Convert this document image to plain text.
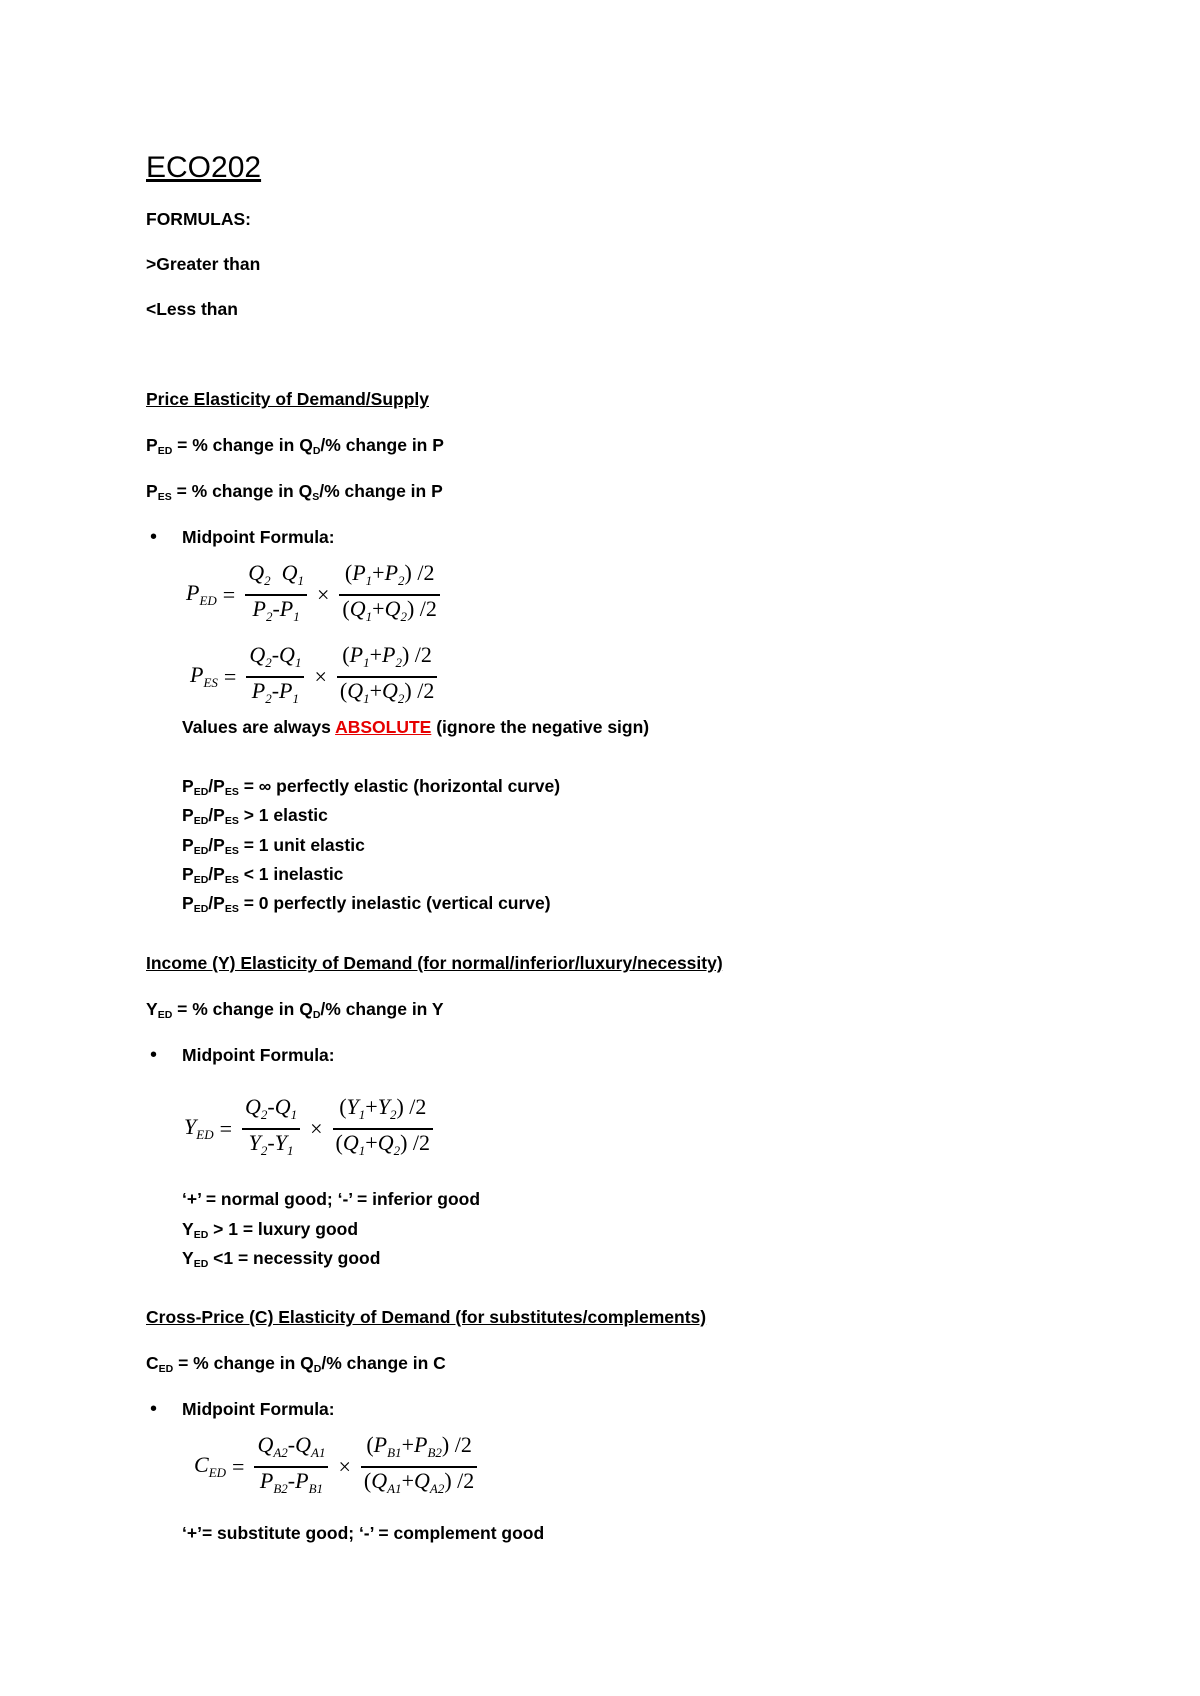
ECO202
FORMULAS:
>Greater than
<Less than
Price Elasticity of Demand/Supply
$P_{ED}$ = % change in $Q_D/\%$ change in P
$P_{ES}$ = % change in $Q_S/\%$ change in P
• Midpoint Formula:
$P_{ED} = \frac{Q_2 Q_1}{P_2-P_1} \times \frac{(P_1+P_2) /2}{(Q_1+Q_2) /2}$
$P_{ES} = \frac{Q_2-Q_1}{P_2-P_1} \times \frac{(P_1+P_2) /2}{(Q_1+Q_2) /2}$
Values are always ABSOLUTE (ignore the negative sign)
$P_{ED}/P_{ES}$ = ∞ perfectly elastic (horizontal curve)
$P_{ED}/P_{ES} > 1$ elastic
$P_{ED}/P_{ES} = 1$ unit elastic
$P_{ED}/P_{ES} < 1$ inelastic
$P_{ED}/P_{ES} = 0$ perfectly inelastic (vertical curve)
Income (Y) Elasticity of Demand (for normal/inferior/luxury/necessity)
$Y_{ED}$ = % change in $Q_D/\%$ change in Y
• Midpoint Formula:
$Y_{ED} = \frac{Q_2-Q_1}{Y_2-Y_1} \times \frac{(Y_1+Y_2) /2}{(Q_1+Q_2) /2}$
‘+’ = normal good; ‘-’ = inferior good
$Y_{ED} > 1$ = luxury good
$Y_{ED} <1$ = necessity good
Cross-Price (C) Elasticity of Demand (for substitutes/complements)
$C_{ED}$ = % change in $Q_D/\%$ change in C
• Midpoint Formula:
$C_{ED} = \frac{Q_{A2}-Q_{A1}}{P_{B2}-P_{B1}} \times \frac{(P_{B1}+P_{B2}) /2}{(Q_{A1}+Q_{A2}) /2}$
‘+’= substitute good; ‘-’ = complement good
